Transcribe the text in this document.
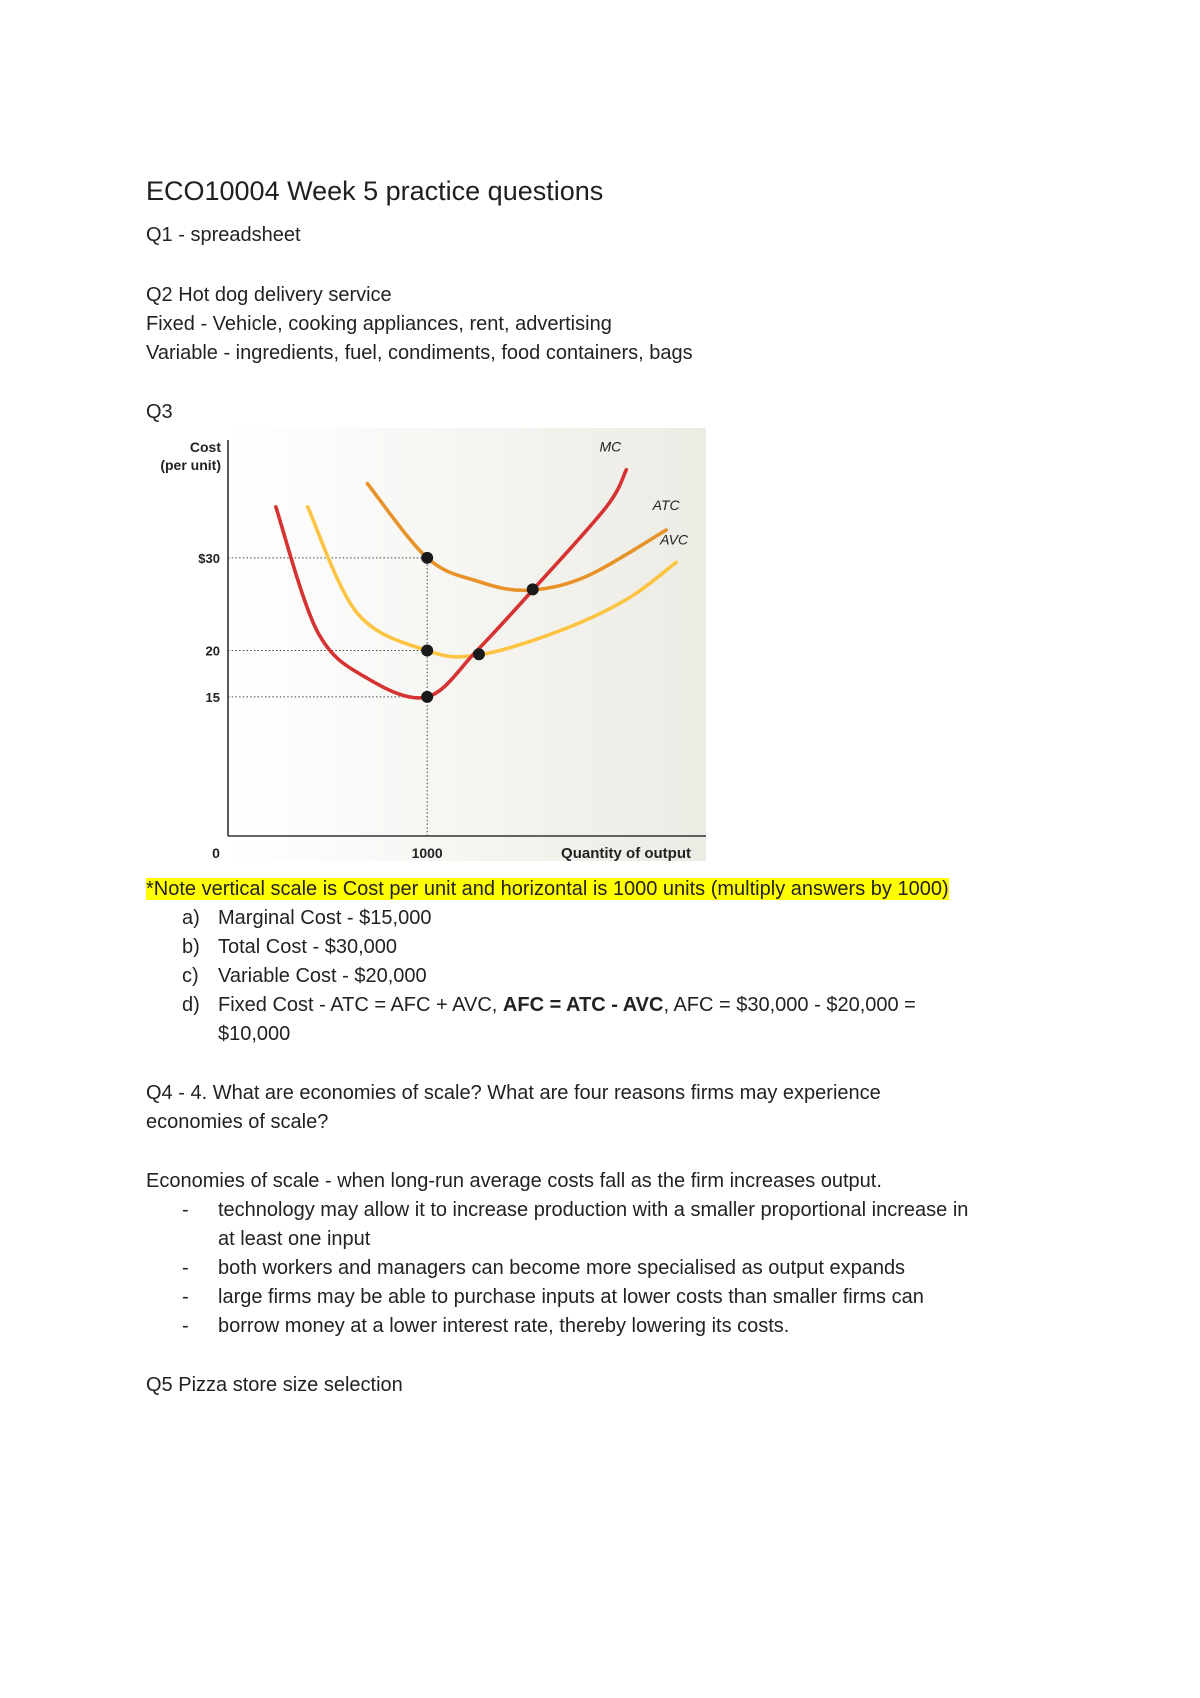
ECO10004 Week 5 practice questions
Q1 - spreadsheet
Q2 Hot dog delivery service
Fixed - Vehicle, cooking appliances, rent, advertising
Variable - ingredients, fuel, condiments, food containers, bags
Q3
Cost
(per unit)
Quantity of output
$30
20
15
0	1000
MC
ATC
AVC
*Note vertical scale is Cost per unit and horizontal is 1000 units (multiply answers by 1000)
a) Marginal Cost - $15,000
b) Total Cost - $30,000
c) Variable Cost - $20,000
d) Fixed Cost - ATC = AFC + AVC, AFC = ATC - AVC, AFC = $30,000 - $20,000 =
$10,000
Q4 - 4. What are economies of scale? What are four reasons firms may experience
economies of scale?
Economies of scale - when long-run average costs fall as the firm increases output.
- technology may allow it to increase production with a smaller proportional increase in
at least one input
- both workers and managers can become more specialised as output expands
- large firms may be able to purchase inputs at lower costs than smaller firms can
- borrow money at a lower interest rate, thereby lowering its costs.
Q5 Pizza store size selection
